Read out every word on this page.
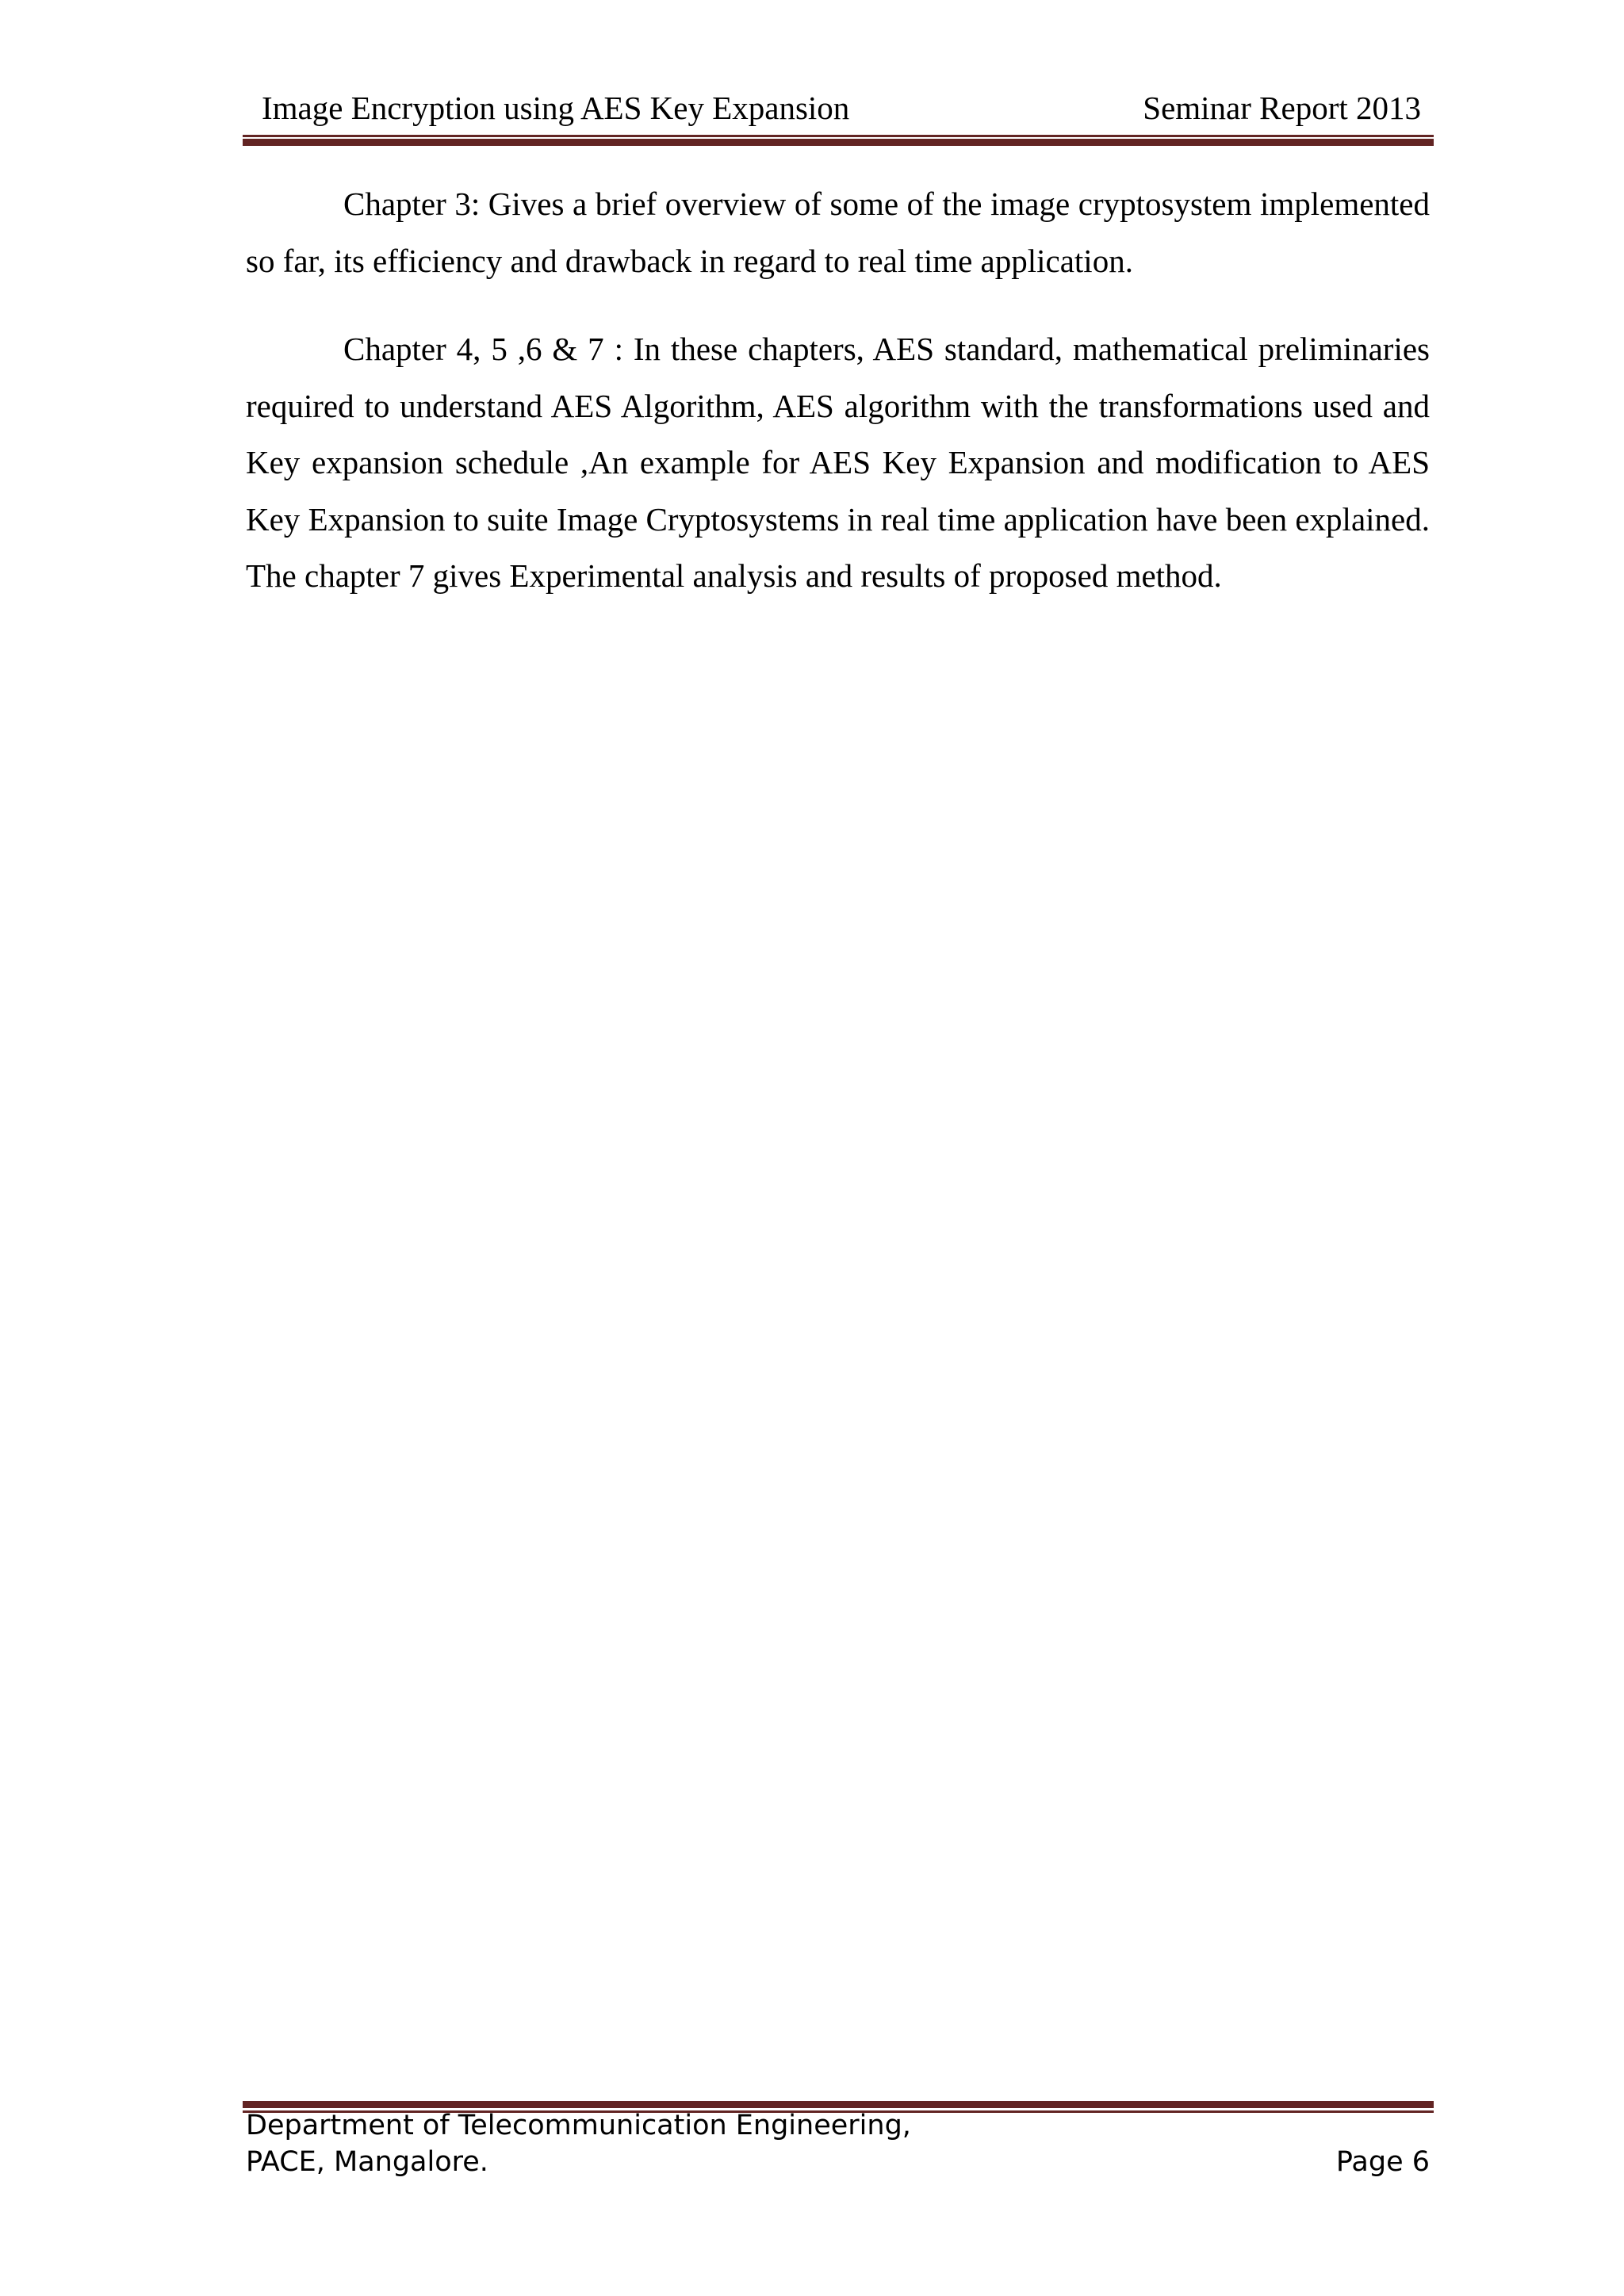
Image Encryption using AES Key Expansion	Seminar Report 2013

Chapter 3: Gives a brief overview of some of the image cryptosystem implemented so far, its efficiency and drawback in regard to real time application.

Chapter 4, 5 ,6 & 7 : In these chapters, AES standard, mathematical preliminaries required to understand AES Algorithm, AES algorithm with the transformations used and Key expansion schedule ,An example for AES Key Expansion and modification to AES Key Expansion to suite Image Cryptosystems in real time application have been explained. The chapter 7 gives Experimental analysis and results of proposed method.

Department of Telecommunication Engineering,
PACE, Mangalore.	Page 6
